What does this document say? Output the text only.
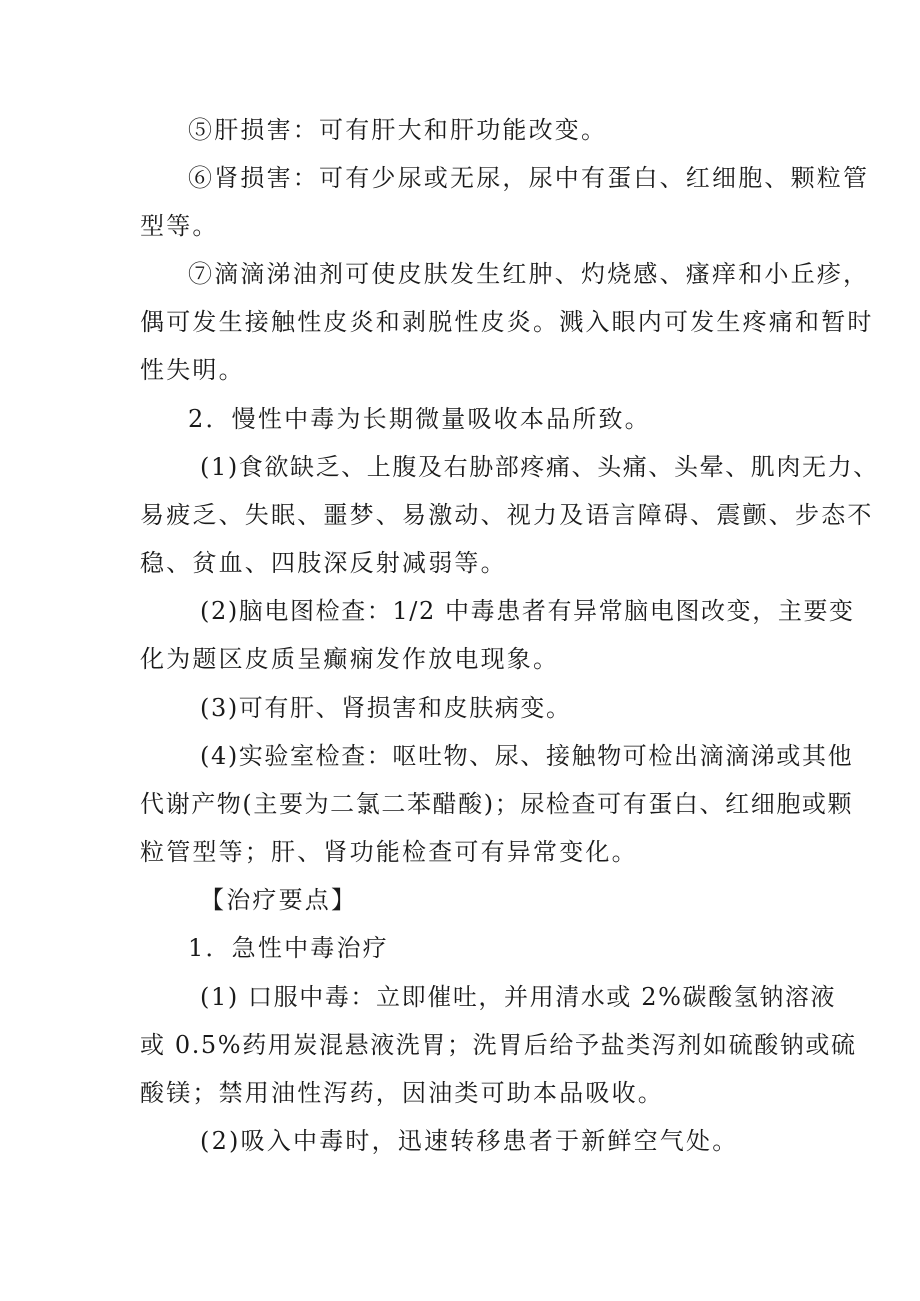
⑤肝损害：可有肝大和肝功能改变。
⑥肾损害：可有少尿或无尿，尿中有蛋白、红细胞、颗粒管
型等。
⑦滴滴涕油剂可使皮肤发生红肿、灼烧感、瘙痒和小丘疹，
偶可发生接触性皮炎和剥脱性皮炎。溅入眼内可发生疼痛和暂时
性失明。
2．慢性中毒为长期微量吸收本品所致。
(1)食欲缺乏、上腹及右胁部疼痛、头痛、头晕、肌肉无力、
易疲乏、失眠、噩梦、易激动、视力及语言障碍、震颤、步态不
稳、贫血、四肢深反射减弱等。
(2)脑电图检查：1/2 中毒患者有异常脑电图改变，主要变
化为题区皮质呈癫痫发作放电现象。
(3)可有肝、肾损害和皮肤病变。
(4)实验室检查：呕吐物、尿、接触物可检出滴滴涕或其他
代谢产物(主要为二氯二苯醋酸)；尿检查可有蛋白、红细胞或颗
粒管型等；肝、肾功能检查可有异常变化。
【治疗要点】
1．急性中毒治疗
(1) 口服中毒：立即催吐，并用清水或 2%碳酸氢钠溶液
或 0.5%药用炭混悬液洗胃；洗胃后给予盐类泻剂如硫酸钠或硫
酸镁；禁用油性泻药，因油类可助本品吸收。
(2)吸入中毒时，迅速转移患者于新鲜空气处。
